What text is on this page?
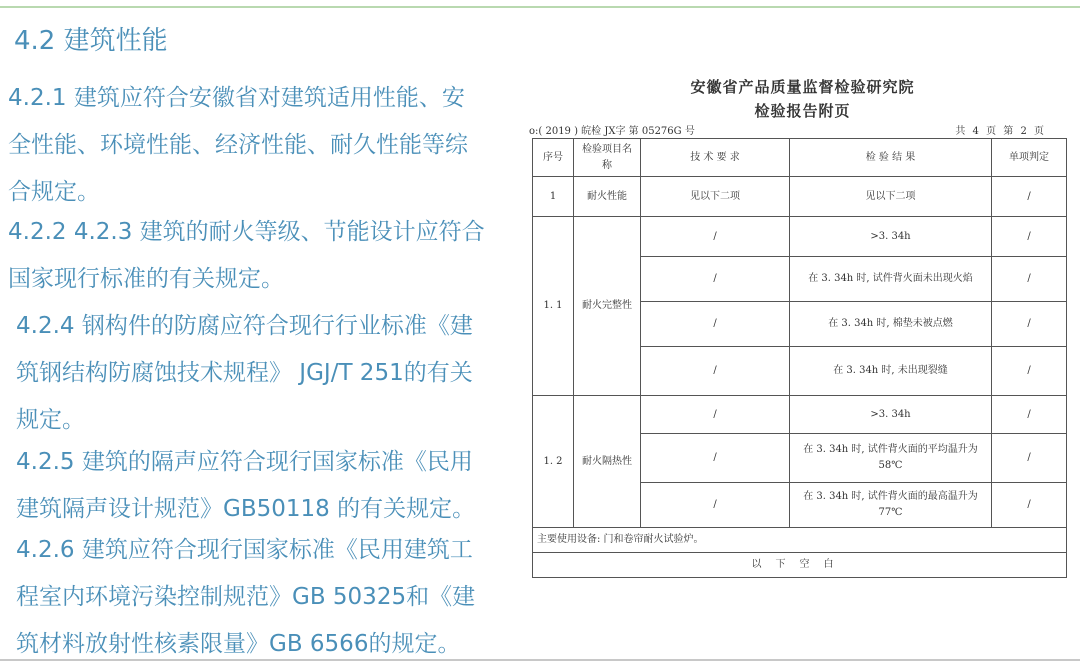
4.2 建筑性能
4.2.1 建筑应符合安徽省对建筑适用性能、安
全性能、环境性能、经济性能、耐久性能等综
合规定。
4.2.2 4.2.3 建筑的耐火等级、节能设计应符合
国家现行标准的有关规定。
4.2.4 钢构件的防腐应符合现行行业标准《建
筑钢结构防腐蚀技术规程》 JGJ/T 251的有关
规定。
4.2.5 建筑的隔声应符合现行国家标准《民用
建筑隔声设计规范》GB50118 的有关规定。
4.2.6 建筑应符合现行国家标准《民用建筑工
程室内环境污染控制规范》GB 50325和《建
筑材料放射性核素限量》GB 6566的规定。
安徽省产品质量监督检验研究院
检验报告附页
o:( 2019 ) 皖检 JX字 第 05276G 号	共 4 页 第 2 页
序号	检验项目名称	技 术 要 求	检 验 结 果	单项判定
1	耐火性能	见以下二项	见以下二项	/
1. 1	耐火完整性	/	>3. 34h	/
		/	在 3. 34h 时, 试件背火面未出现火焰	/
		/	在 3. 34h 时, 棉垫未被点燃	/
		/	在 3. 34h 时, 未出现裂缝	/
1. 2	耐火隔热性	/	>3. 34h	/
		/	在 3. 34h 时, 试件背火面的平均温升为 58℃	/
		/	在 3. 34h 时, 试件背火面的最高温升为 77℃	/
主要使用设备: 门和卷帘耐火试验炉。				
以下空白				
